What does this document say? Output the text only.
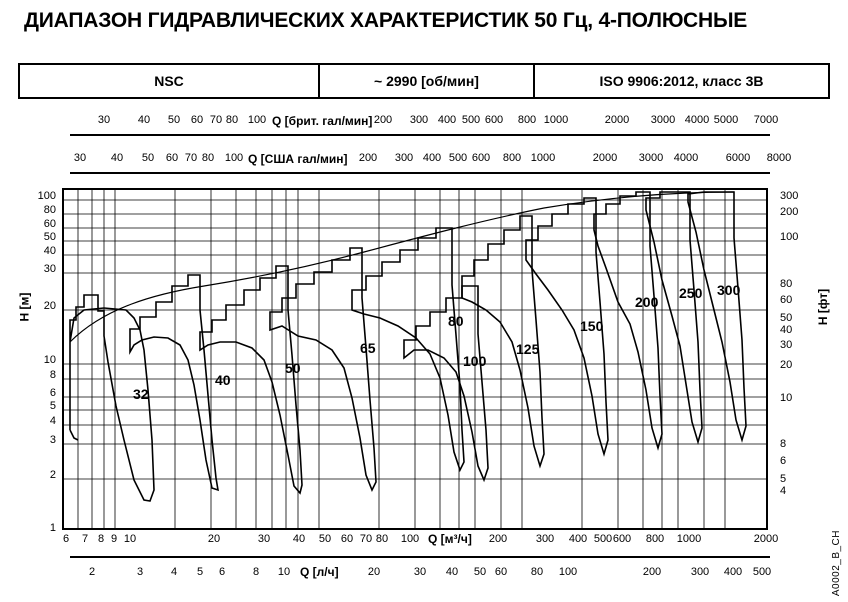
ДИАПАЗОН ГИДРАВЛИЧЕСКИХ ХАРАКТЕРИСТИК 50 Гц, 4-ПОЛЮСНЫЕ
NSC	~ 2990 [об/мин]	ISO 9906:2012, класс 3B
30	40 50 60 70 80 100 Q [брит. гал/мин] 200 300 400 500 600 800 1000	2000 3000 4000 5000 7000
30 40 50 60 70 80 100 Q [США гал/мин] 200 300 400 500 600 800 1000	2000 3000 4000	6000 8000
H [м]	H [фт]
100
80
60
50
40
30
20
10
8
6
5
4
3
2
1
300
200
100
80
60
50
40
30
20
10
8
6
5
4
32
40
50
65
80
100
125
150
200
250 300
6 7 8 9 10	20	30 40 50 60 70 80 100 Q [м³/ч] 200	300 400 500 600 800 1000	2000
2	3	4 5 6	8 10 Q [л/ч]	20	30 40 50 60 80 100	200	300 400 500	A0002_B_CH
